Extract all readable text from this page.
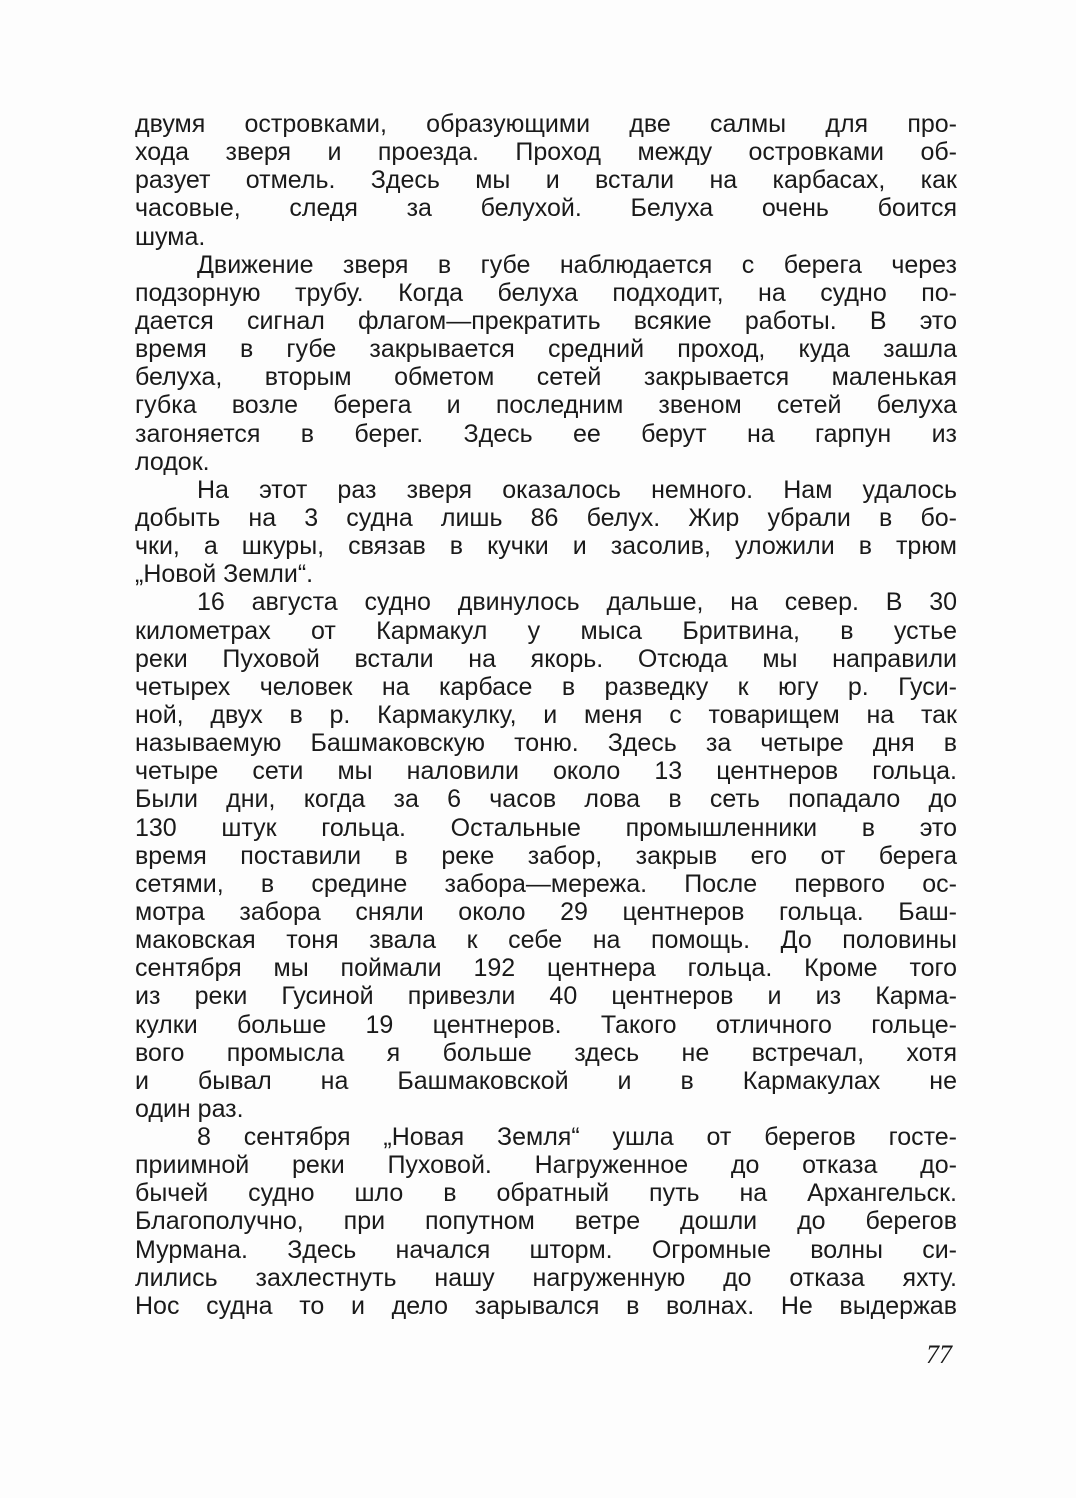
двумя островками, образующими две салмы для про-
хода зверя и проезда. Проход между островками об-
разует отмель. Здесь мы и встали на карбасах, как
часовые, следя за белухой. Белуха очень боится
шума.
Движение зверя в губе наблюдается с берега через
подзорную трубу. Когда белуха подходит, на судно по-
дается сигнал флагом—прекратить всякие работы. В это
время в губе закрывается средний проход, куда зашла
белуха, вторым обметом сетей закрывается маленькая
губка возле берега и последним звеном сетей белуха
загоняется в берег. Здесь ее берут на гарпун из
лодок.
На этот раз зверя оказалось немного. Нам удалось
добыть на 3 судна лишь 86 белух. Жир убрали в бо-
чки, а шкуры, связав в кучки и засолив, уложили в трюм
„Новой Земли“.
16 августа судно двинулось дальше, на север. В 30
километрах от Кармакул у мыса Бритвина, в устье
реки Пуховой встали на якорь. Отсюда мы направили
четырех человек на карбасе в разведку к югу р. Гуси-
ной, двух в р. Кармакулку, и меня с товарищем на так
называемую Башмаковскую тоню. Здесь за четыре дня в
четыре сети мы наловили около 13 центнеров гольца.
Были дни, когда за 6 часов лова в сеть попадало до
130 штук гольца. Остальные промышленники в это
время поставили в реке забор, закрыв его от берега
сетями, в средине забора—мережа. После первого ос-
мотра забора сняли около 29 центнеров гольца. Баш-
маковская тоня звала к себе на помощь. До половины
сентября мы поймали 192 центнера гольца. Кроме того
из реки Гусиной привезли 40 центнеров и из Карма-
кулки больше 19 центнеров. Такого отличного гольце-
вого промысла я больше здесь не встречал, хотя
и бывал на Башмаковской и в Кармакулах не
один раз.
8 сентября „Новая Земля“ ушла от берегов госте-
приимной реки Пуховой. Нагруженное до отказа до-
бычей судно шло в обратный путь на Архангельск.
Благополучно, при попутном ветре дошли до берегов
Мурмана. Здесь начался шторм. Огромные волны си-
лились захлестнуть нашу нагруженную до отказа яхту.
Нос судна то и дело зарывался в волнах. Не выдержав
77
